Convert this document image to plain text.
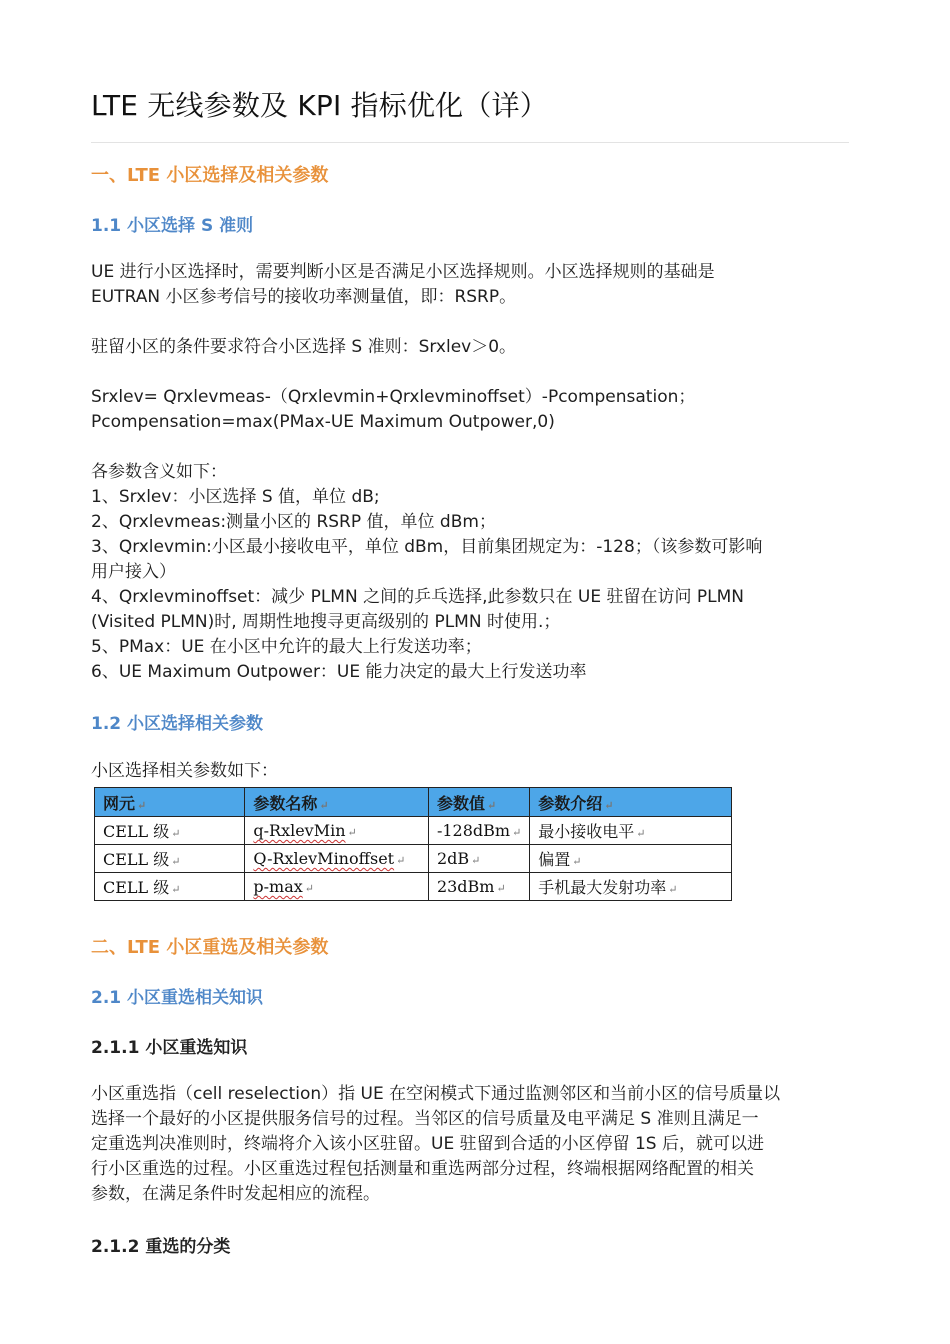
LTE 无线参数及 KPI 指标优化（详）
一、LTE 小区选择及相关参数
1.1 小区选择 S 准则
UE 进行小区选择时，需要判断小区是否满足小区选择规则。小区选择规则的基础是
EUTRAN 小区参考信号的接收功率测量值，即：RSRP。
驻留小区的条件要求符合小区选择 S 准则：Srxlev＞0。
Srxlev= Qrxlevmeas-（Qrxlevmin+Qrxlevminoffset）-Pcompensation；
Pcompensation=max(PMax-UE Maximum Outpower,0)
各参数含义如下：
1、Srxlev：小区选择 S 值，单位 dB;
2、Qrxlevmeas:测量小区的 RSRP 值，单位 dBm；
3、Qrxlevmin:小区最小接收电平，单位 dBm，目前集团规定为：-128；（该参数可影响
用户接入）
4、Qrxlevminoffset：减少 PLMN 之间的乒乓选择,此参数只在 UE 驻留在访问 PLMN
(Visited PLMN)时, 周期性地搜寻更高级别的 PLMN 时使用.；
5、PMax：UE 在小区中允许的最大上行发送功率；
6、UE Maximum Outpower：UE 能力决定的最大上行发送功率
1.2 小区选择相关参数
小区选择相关参数如下：
网元 ↵	参数名称 ↵	参数值 ↵	参数介绍 ↵
CELL 级 ↵	q-RxlevMin ↵	-128dBm ↵	最小接收电平 ↵
CELL 级 ↵	Q-RxlevMinoffset ↵	2dB ↵	偏置 ↵
CELL 级 ↵	p-max ↵	23dBm ↵	手机最大发射功率 ↵
二、LTE 小区重选及相关参数
2.1 小区重选相关知识
2.1.1 小区重选知识
小区重选指（cell reselection）指 UE 在空闲模式下通过监测邻区和当前小区的信号质量以
选择一个最好的小区提供服务信号的过程。当邻区的信号质量及电平满足 S 准则且满足一
定重选判决准则时，终端将介入该小区驻留。UE 驻留到合适的小区停留 1S 后，就可以进
行小区重选的过程。小区重选过程包括测量和重选两部分过程，终端根据网络配置的相关
参数，在满足条件时发起相应的流程。
2.1.2 重选的分类
